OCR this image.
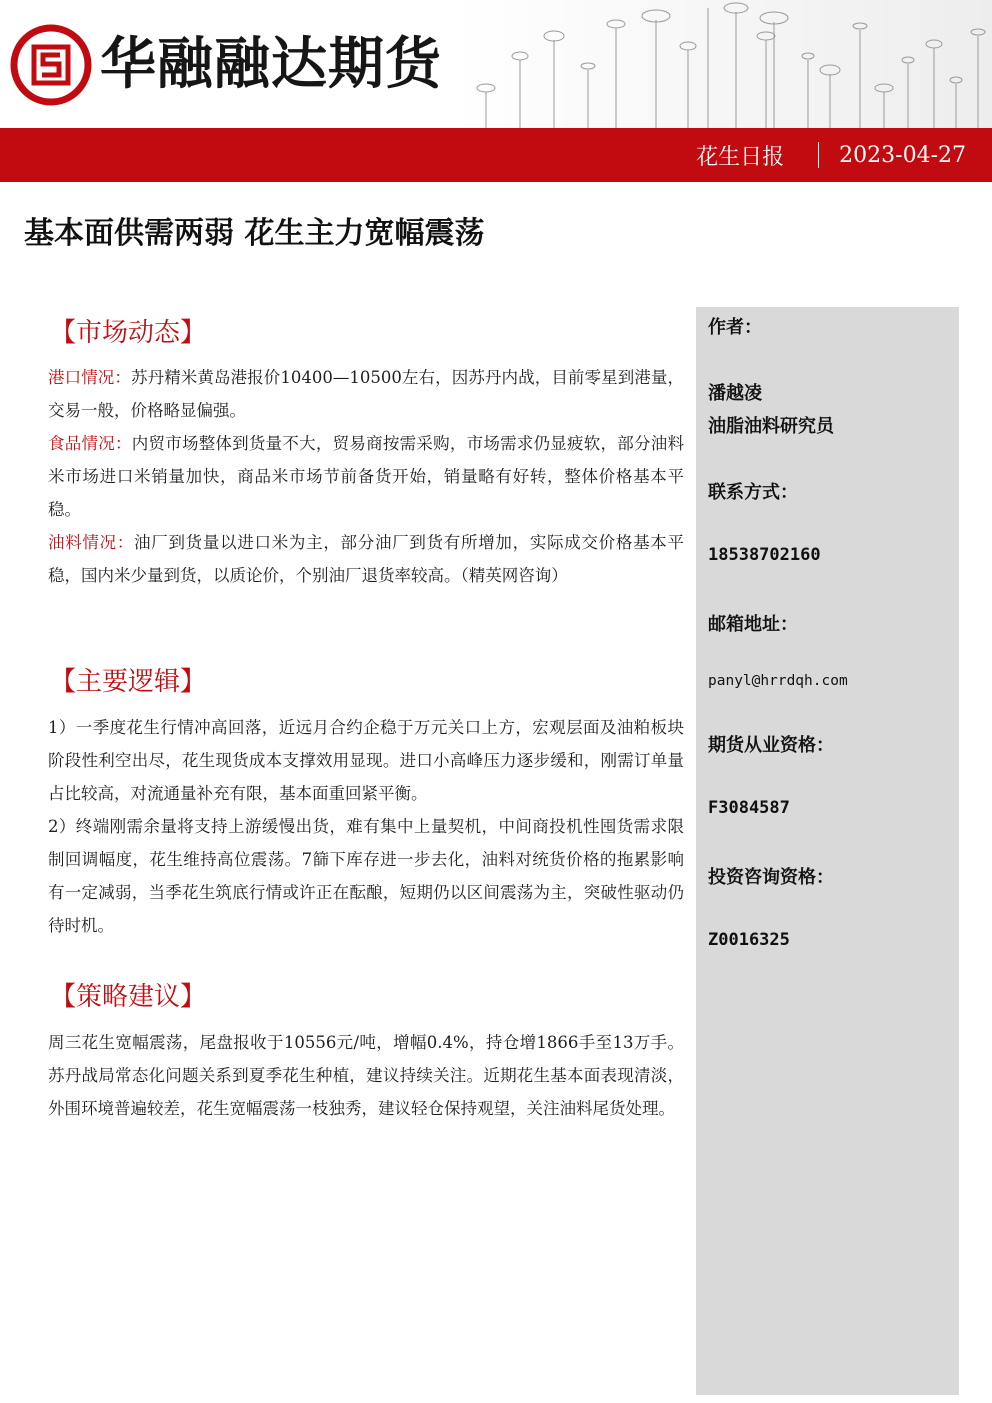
华融融达期货
花生日报	2023-04-27
基本面供需两弱 花生主力宽幅震荡
【市场动态】

港口情况：苏丹精米黄岛港报价10400—10500左右，因苏丹内战，目前零星到港量，交易一般，价格略显偏强。

食品情况：内贸市场整体到货量不大，贸易商按需采购，市场需求仍显疲软，部分油料米市场进口米销量加快，商品米市场节前备货开始，销量略有好转，整体价格基本平稳。

油料情况：油厂到货量以进口米为主，部分油厂到货有所增加，实际成交价格基本平稳，国内米少量到货，以质论价，个别油厂退货率较高。（精英网咨询）

【主要逻辑】

1）一季度花生行情冲高回落，近远月合约企稳于万元关口上方，宏观层面及油粕板块阶段性利空出尽，花生现货成本支撑效用显现。进口小高峰压力逐步缓和，刚需订单量占比较高，对流通量补充有限，基本面重回紧平衡。

2）终端刚需余量将支持上游缓慢出货，难有集中上量契机，中间商投机性囤货需求限制回调幅度，花生维持高位震荡。7篩下库存进一步去化，油料对统货价格的拖累影响有一定减弱，当季花生筑底行情或许正在酝酿，短期仍以区间震荡为主，突破性驱动仍待时机。

【策略建议】

周三花生宽幅震荡，尾盘报收于10556元/吨，增幅0.4%，持仓增1866手至13万手。苏丹战局常态化问题关系到夏季花生种植，建议持续关注。近期花生基本面表现清淡，外围环境普遍较差，花生宽幅震荡一枝独秀，建议轻仓保持观望，关注油料尾货处理。

作者：
潘越凌
油脂油料研究员
联系方式：
18538702160
邮箱地址：
panyl@hrrdqh.com
期货从业资格：
F3084587
投资咨询资格：
Z0016325
